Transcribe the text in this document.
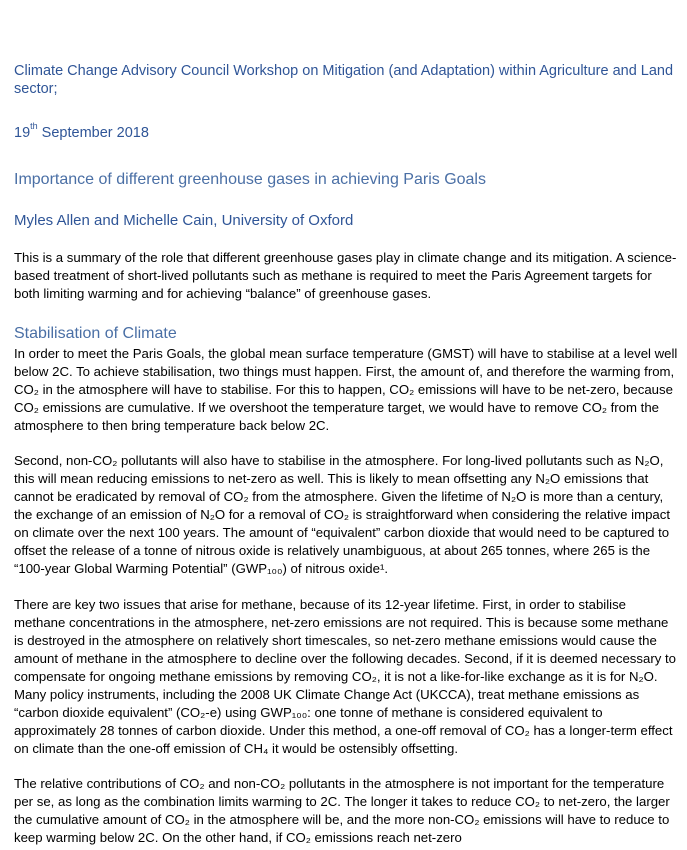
Climate Change Advisory Council Workshop on Mitigation (and Adaptation) within Agriculture and Land sector;

19th September 2018
Importance of different greenhouse gases in achieving Paris Goals
Myles Allen and Michelle Cain, University of Oxford

This is a summary of the role that different greenhouse gases play in climate change and its mitigation. A science-based treatment of short-lived pollutants such as methane is required to meet the Paris Agreement targets for both limiting warming and for achieving “balance” of greenhouse gases.

Stabilisation of Climate

In order to meet the Paris Goals, the global mean surface temperature (GMST) will have to stabilise at a level well below 2C. To achieve stabilisation, two things must happen. First, the amount of, and therefore the warming from, CO₂ in the atmosphere will have to stabilise. For this to happen, CO₂ emissions will have to be net-zero, because CO₂ emissions are cumulative. If we overshoot the temperature target, we would have to remove CO₂ from the atmosphere to then bring temperature back below 2C.

Second, non-CO₂ pollutants will also have to stabilise in the atmosphere. For long-lived pollutants such as N₂O, this will mean reducing emissions to net-zero as well. This is likely to mean offsetting any N₂O emissions that cannot be eradicated by removal of CO₂ from the atmosphere. Given the lifetime of N₂O is more than a century, the exchange of an emission of N₂O for a removal of CO₂ is straightforward when considering the relative impact on climate over the next 100 years. The amount of “equivalent” carbon dioxide that would need to be captured to offset the release of a tonne of nitrous oxide is relatively unambiguous, at about 265 tonnes, where 265 is the “100-year Global Warming Potential” (GWP₁₀₀) of nitrous oxide¹.

There are key two issues that arise for methane, because of its 12-year lifetime. First, in order to stabilise methane concentrations in the atmosphere, net-zero emissions are not required. This is because some methane is destroyed in the atmosphere on relatively short timescales, so net-zero methane emissions would cause the amount of methane in the atmosphere to decline over the following decades. Second, if it is deemed necessary to compensate for ongoing methane emissions by removing CO₂, it is not a like-for-like exchange as it is for N₂O. Many policy instruments, including the 2008 UK Climate Change Act (UKCCA), treat methane emissions as “carbon dioxide equivalent” (CO₂-e) using GWP₁₀₀: one tonne of methane is considered equivalent to approximately 28 tonnes of carbon dioxide. Under this method, a one-off removal of CO₂ has a longer-term effect on climate than the one-off emission of CH₄ it would be ostensibly offsetting.

The relative contributions of CO₂ and non-CO₂ pollutants in the atmosphere is not important for the temperature per se, as long as the combination limits warming to 2C. The longer it takes to reduce CO₂ to net-zero, the larger the cumulative amount of CO₂ in the atmosphere will be, and the more non-CO₂ emissions will have to reduce to keep warming below 2C. On the other hand, if CO₂ emissions reach net-zero
